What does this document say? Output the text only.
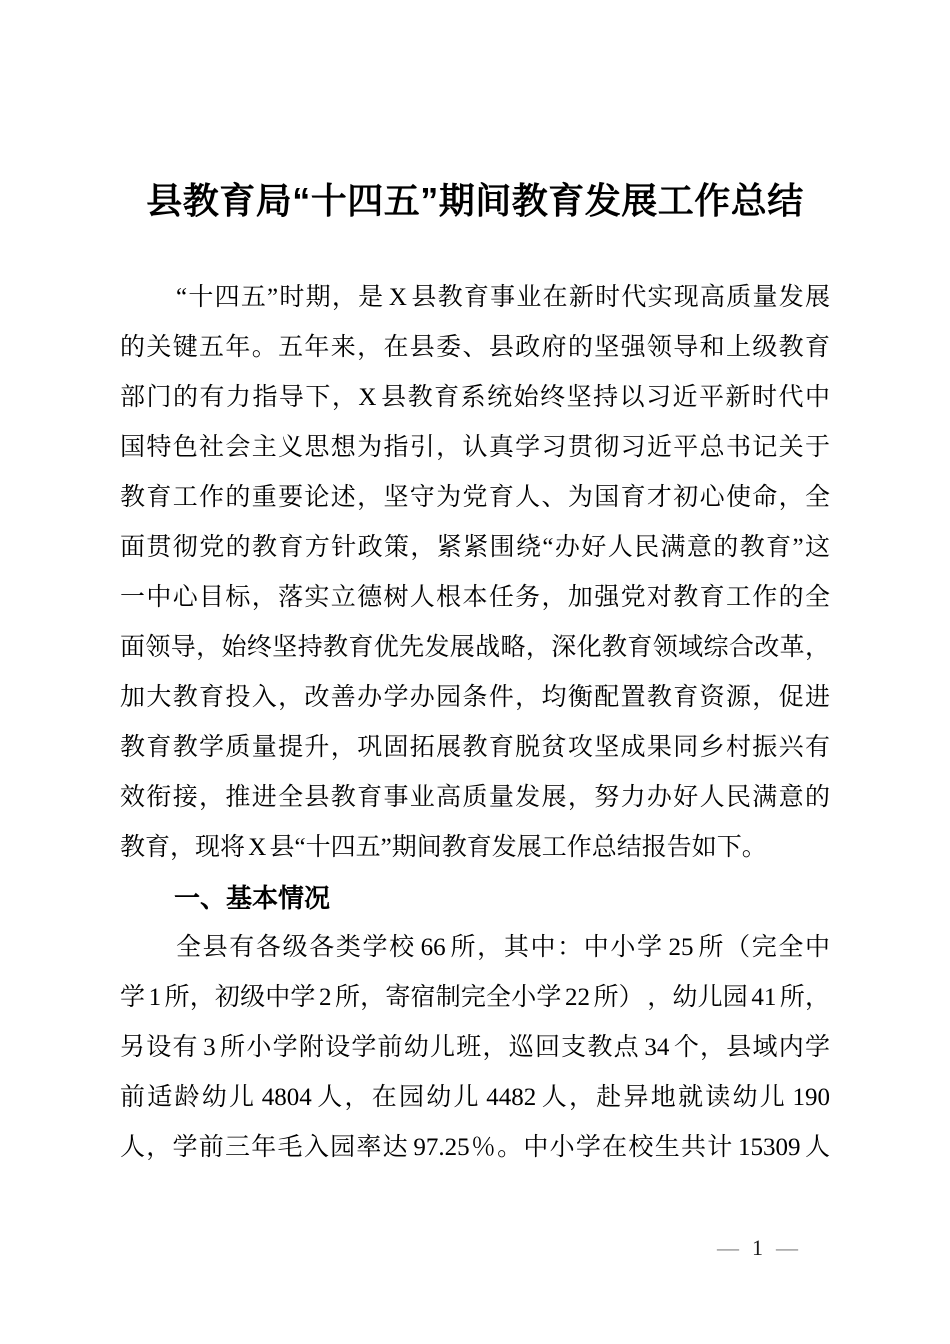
县教育局“十四五”期间教育发展工作总结
“十四五”时期，是 X 县教育事业在新时代实现高质量发展
的关键五年。五年来，在县委、县政府的坚强领导和上级教育
部门的有力指导下，X 县教育系统始终坚持以习近平新时代中
国特色社会主义思想为指引，认真学习贯彻习近平总书记关于
教育工作的重要论述，坚守为党育人、为国育才初心使命，全
面贯彻党的教育方针政策，紧紧围绕“办好人民满意的教育”这
一中心目标，落实立德树人根本任务，加强党对教育工作的全
面领导，始终坚持教育优先发展战略，深化教育领域综合改革，
加大教育投入，改善办学办园条件，均衡配置教育资源，促进
教育教学质量提升，巩固拓展教育脱贫攻坚成果同乡村振兴有
效衔接，推进全县教育事业高质量发展，努力办好人民满意的
教育，现将 X 县“十四五”期间教育发展工作总结报告如下。
一、基本情况
全县有各级各类学校 66 所，其中：中小学 25 所（完全中
学 1 所，初级中学 2 所，寄宿制完全小学 22 所） ，幼儿园 41 所，
另设有 3 所小学附设学前幼儿班，巡回支教点 34 个，县域内学
前适龄幼儿 4804 人，在园幼儿 4482 人，赴异地就读幼儿 190
人，学前三年毛入园率达 97.25％。中小学在校生共计 15309 人
— 1 —
